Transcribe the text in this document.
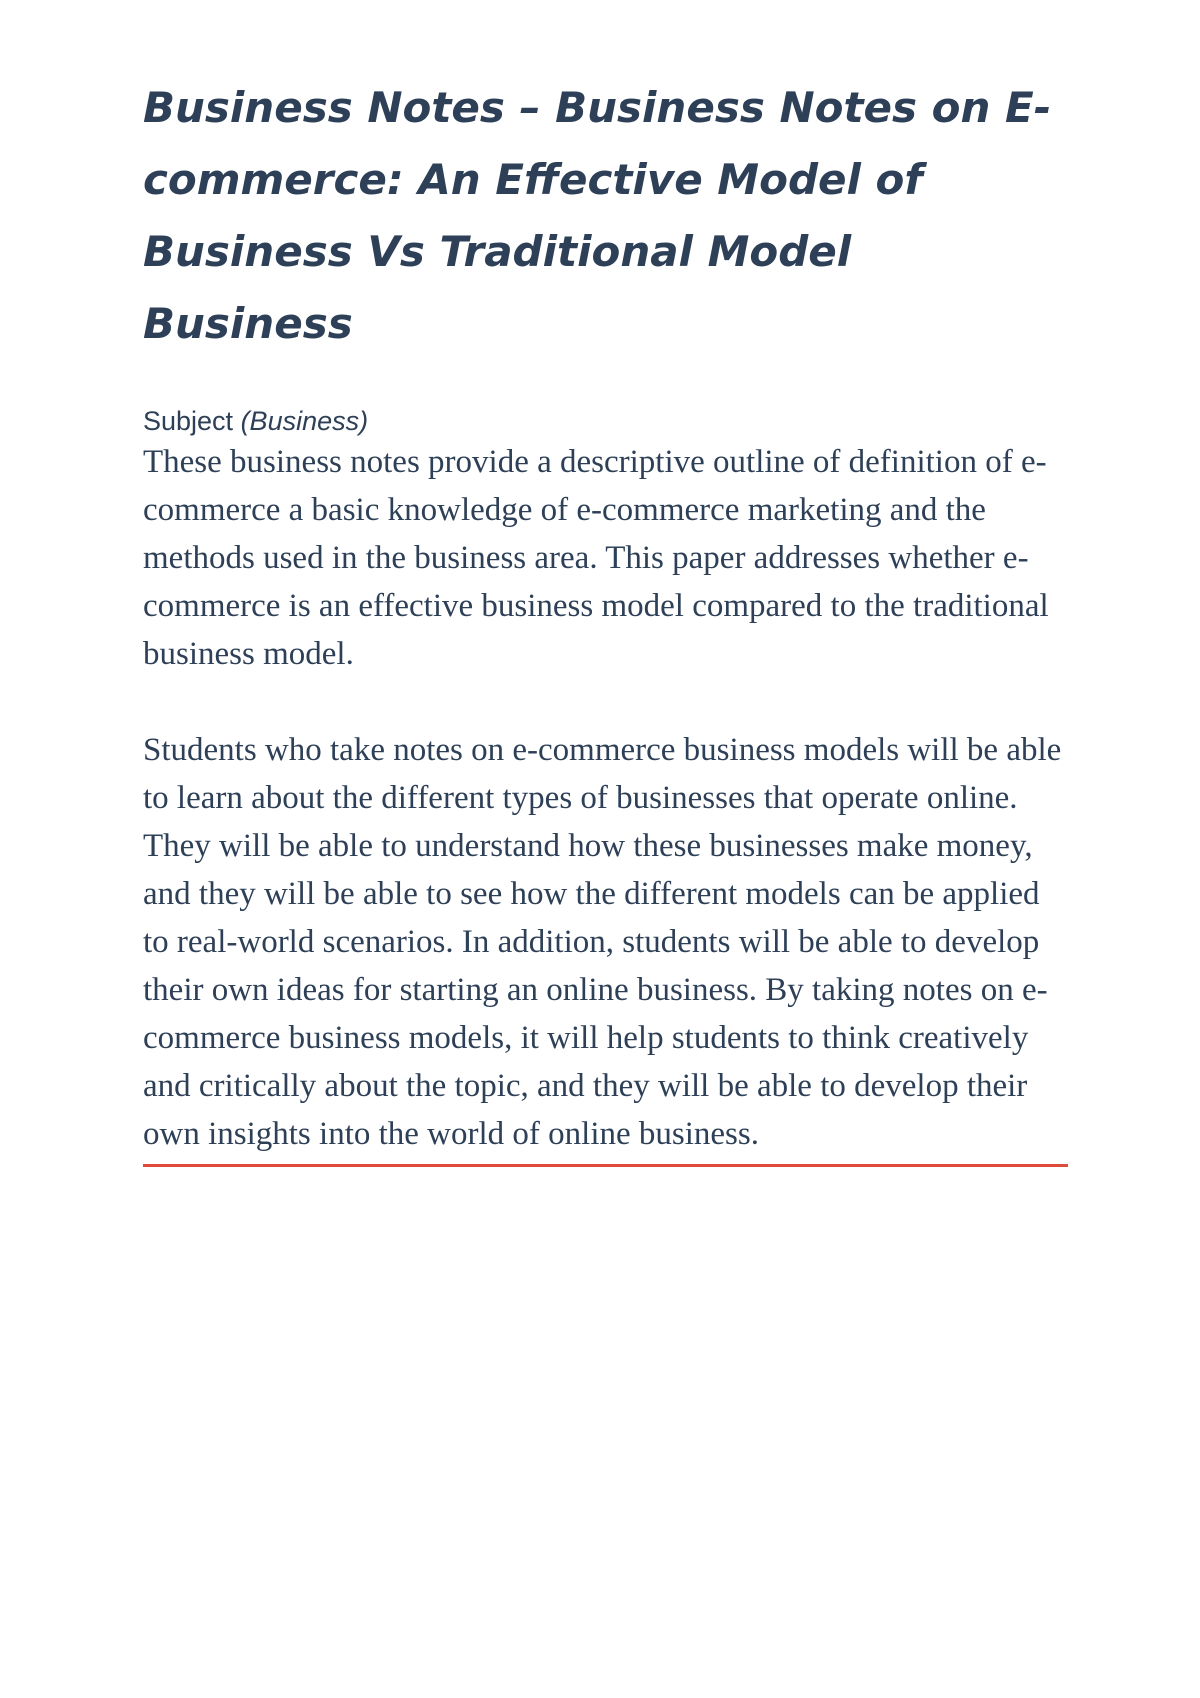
Business Notes – Business Notes on E-commerce: An Effective Model of Business Vs Traditional Model Business
Subject (Business)

These business notes provide a descriptive outline of definition of e-commerce a basic knowledge of e-commerce marketing and the methods used in the business area. This paper addresses whether e-commerce is an effective business model compared to the traditional business model.

Students who take notes on e-commerce business models will be able to learn about the different types of businesses that operate online. They will be able to understand how these businesses make money, and they will be able to see how the different models can be applied to real-world scenarios. In addition, students will be able to develop their own ideas for starting an online business. By taking notes on e-commerce business models, it will help students to think creatively and critically about the topic, and they will be able to develop their own insights into the world of online business.
